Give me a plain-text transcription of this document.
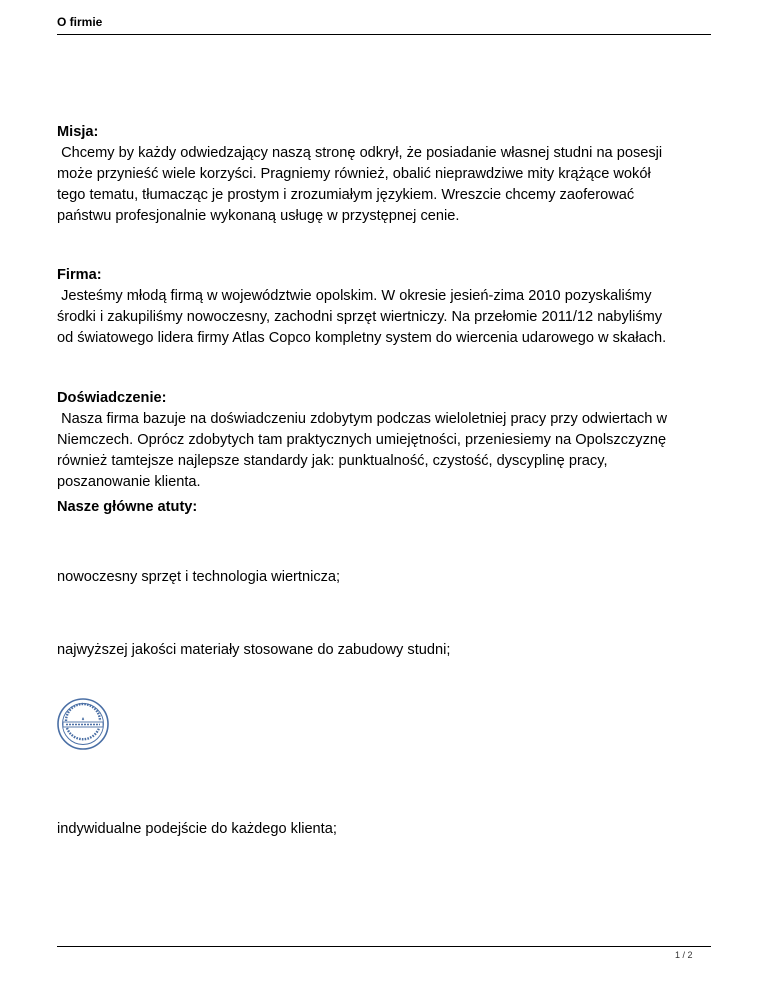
O firmie
Misja:
Chcemy by każdy odwiedzający naszą stronę odkrył, że posiadanie własnej studni na posesji
może przynieść wiele korzyści. Pragniemy również, obalić nieprawdziwe mity krążące wokół
tego tematu, tłumacząc je prostym i zrozumiałym językiem. Wreszcie chcemy zaoferować
państwu profesjonalnie wykonaną usługę w przystępnej cenie.
Firma:
Jesteśmy młodą firmą w województwie opolskim. W okresie jesień-zima 2010 pozyskaliśmy
środki i zakupiliśmy nowoczesny, zachodni sprzęt wiertniczy. Na przełomie 2011/12 nabyliśmy
od światowego lidera firmy Atlas Copco kompletny system do wiercenia udarowego w skałach.
Doświadczenie:
Nasza firma bazuje na doświadczeniu zdobytym podczas wieloletniej pracy przy odwiertach w
Niemczech. Oprócz zdobytych tam praktycznych umiejętności, przeniesiemy na Opolszczyznę
również tamtejsze najlepsze standardy jak: punktualność, czystość, dyscyplinę pracy,
poszanowanie klienta.
Nasze główne atuty:
nowoczesny sprzęt i technologia wiertnicza;
najwyższej jakości materiały stosowane do zabudowy studni;
indywidualne podejście do każdego klienta;
1 / 2
